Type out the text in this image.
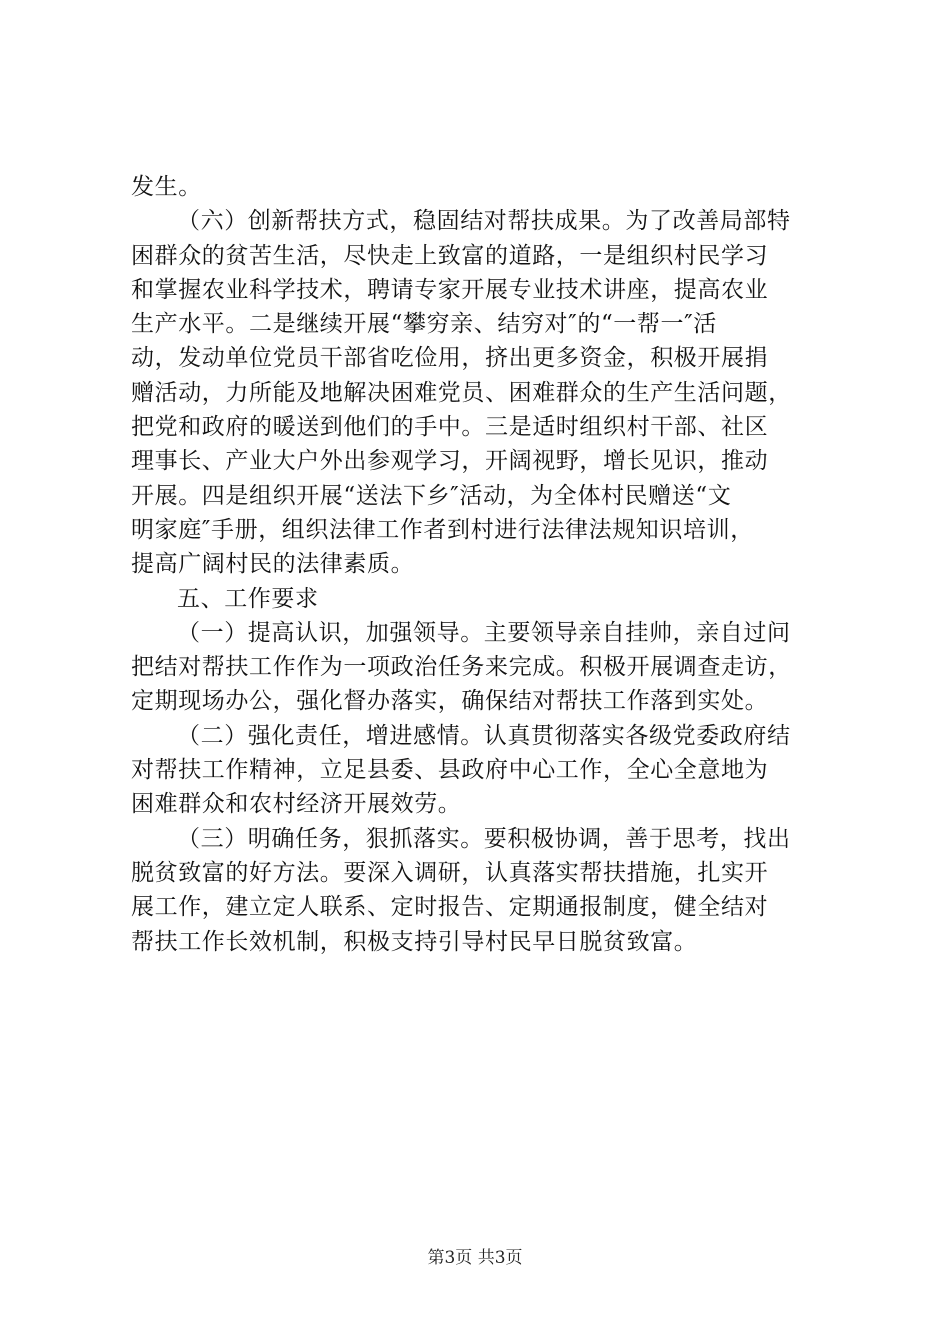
发生。
（六）创新帮扶方式，稳固结对帮扶成果。为了改善局部特
困群众的贫苦生活，尽快走上致富的道路，一是组织村民学习
和掌握农业科学技术，聘请专家开展专业技术讲座，提高农业
生产水平。二是继续开展“攀穷亲、结穷对″的“一帮一″活
动，发动单位党员干部省吃俭用，挤出更多资金，积极开展捐
赠活动，力所能及地解决困难党员、困难群众的生产生活问题，
把党和政府的暖送到他们的手中。三是适时组织村干部、社区
理事长、产业大户外出参观学习，开阔视野，增长见识，推动
开展。四是组织开展“送法下乡″活动，为全体村民赠送“文
明家庭″手册，组织法律工作者到村进行法律法规知识培训，
提高广阔村民的法律素质。
五、工作要求
（一）提高认识，加强领导。主要领导亲自挂帅，亲自过问
把结对帮扶工作作为一项政治任务来完成。积极开展调查走访，
定期现场办公，强化督办落实，确保结对帮扶工作落到实处。
（二）强化责任，增进感情。认真贯彻落实各级党委政府结
对帮扶工作精神，立足县委、县政府中心工作，全心全意地为
困难群众和农村经济开展效劳。
（三）明确任务，狠抓落实。要积极协调，善于思考，找出
脱贫致富的好方法。要深入调研，认真落实帮扶措施，扎实开
展工作，建立定人联系、定时报告、定期通报制度，健全结对
帮扶工作长效机制，积极支持引导村民早日脱贫致富。
第3页 共3页
